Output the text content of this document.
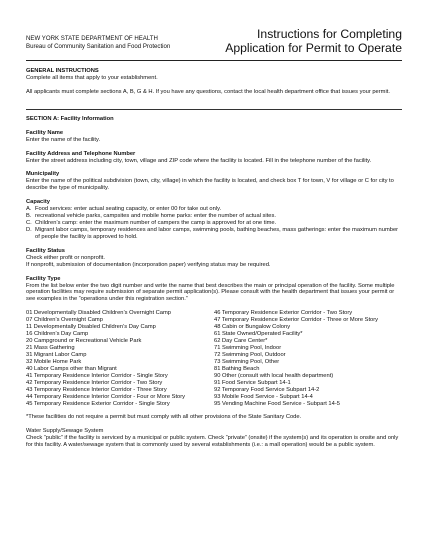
NEW YORK STATE DEPARTMENT OF HEALTH
Bureau of Community Sanitation and Food Protection
Instructions for Completing
Application for Permit to Operate
GENERAL INSTRUCTIONS
Complete all items that apply to your establishment.
All applicants must complete sections A, B, G & H. If you have any questions, contact the local health department office that issues your permit.
SECTION A: Facility Information
Facility Name
Enter the name of the facility.
Facility Address and Telephone Number
Enter the street address including city, town, village and ZIP code where the facility is located. Fill in the telephone number of the facility.
Municipality
Enter the name of the political subdivision (town, city, village) in which the facility is located, and check box T for town, V for village or C for city to describe the type of municipality.
Capacity
A. Food services: enter actual seating capacity, or enter 00 for take out only.
B. recreational vehicle parks, campsites and mobile home parks: enter the number of actual sites.
C. Children’s camp: enter the maximum number of campers the camp is approved for at one time.
D. Migrant labor camps, temporary residences and labor camps, swimming pools, bathing beaches, mass gatherings: enter the maximum number of people the facility is approved to hold.
Facility Status
Check either profit or nonprofit.
If nonprofit, submission of documentation (incorporation paper) verifying status may be required.
Facility Type
From the list below enter the two digit number and write the name that best describes the main or principal operation of the facility. Some multiple operation facilities may require submission of separate permit application(s). Please consult with the health department that issues your permit or see examples in the “operations under this registration section.”
01 Developmentally Disabled Children’s Overnight Camp
07 Children’s Overnight Camp
11 Developmentally Disabled Children’s Day Camp
16 Children’s Day Camp
20 Campground or Recreational Vehicle Park
21 Mass Gathering
31 Migrant Labor Camp
32 Mobile Home Park
40 Labor Camps other than Migrant
41 Temporary Residence Interior Corridor - Single Story
42 Temporary Residence Interior Corridor - Two Story
43 Temporary Residence Interior Corridor - Three Story
44 Temporary Residence Interior Corridor - Four or More Story
45 Temporary Residence Exterior Corridor - Single Story
46 Temporary Residence Exterior Corridor - Two Story
47 Temporary Residence Exterior Corridor - Three or More Story
48 Cabin or Bungalow Colony
61 State Owned/Operated Facility*
62 Day Care Center*
71 Swimming Pool, Indoor
72 Swimming Pool, Outdoor
73 Swimming Pool, Other
81 Bathing Beach
90 Other (consult with local health department)
91 Food Service Subpart 14-1
92 Temporary Food Service Subpart 14-2
93 Mobile Food Service - Subpart 14-4
95 Vending Machine Food Service - Subpart 14-5
*These facilities do not require a permit but must comply with all other provisions of the State Sanitary Code.
Water Supply/Sewage System
Check “public” if the facility is serviced by a municipal or public system. Check “private” (onsite) if the system(s) and its operation is onsite and only for this facility. A water/sewage system that is commonly used by several establishments (i.e.: a mall operation) would be a public system.
